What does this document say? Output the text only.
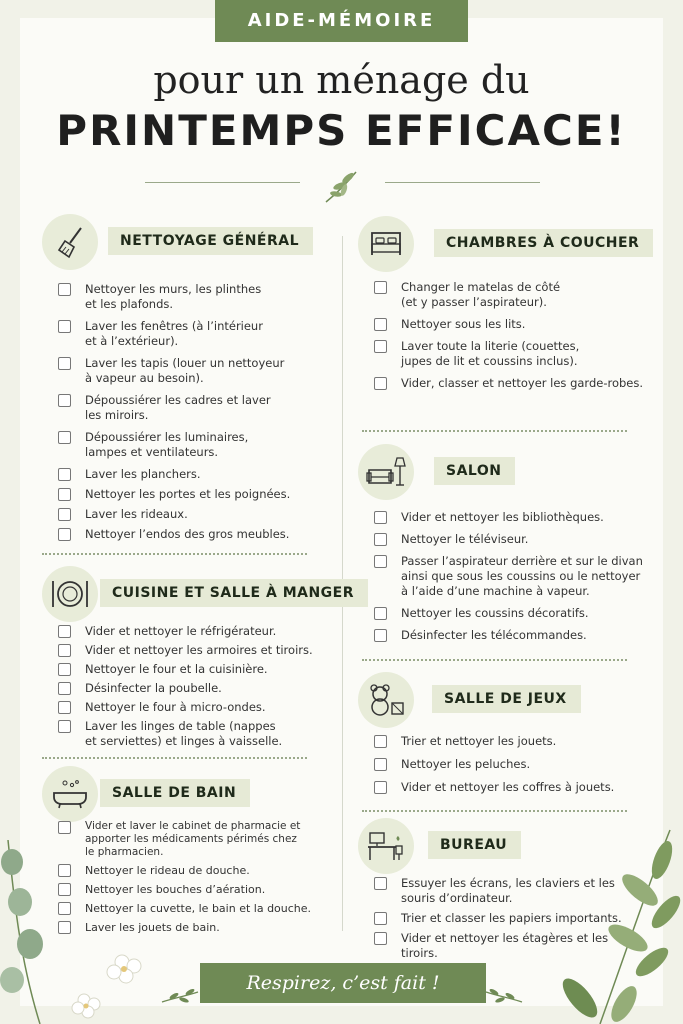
AIDE-MÉMOIRE
pour un ménage du
PRINTEMPS EFFICACE!
NETTOYAGE GÉNÉRAL
Nettoyer les murs, les plinthes
et les plafonds.
Laver les fenêtres (à l’intérieur
et à l’extérieur).
Laver les tapis (louer un nettoyeur
à vapeur au besoin).
Dépoussiérer les cadres et laver
les miroirs.
Dépoussiérer les luminaires,
lampes et ventilateurs.
Laver les planchers.
Nettoyer les portes et les poignées.
Laver les rideaux.
Nettoyer l’endos des gros meubles.
CUISINE ET SALLE À MANGER
Vider et nettoyer le réfrigérateur.
Vider et nettoyer les armoires et tiroirs.
Nettoyer le four et la cuisinière.
Désinfecter la poubelle.
Nettoyer le four à micro-ondes.
Laver les linges de table (nappes
et serviettes) et linges à vaisselle.
SALLE DE BAIN
Vider et laver le cabinet de pharmacie et
apporter les médicaments périmés chez
le pharmacien.
Nettoyer le rideau de douche.
Nettoyer les bouches d’aération.
Nettoyer la cuvette, le bain et la douche.
Laver les jouets de bain.
CHAMBRES À COUCHER
Changer le matelas de côté
(et y passer l’aspirateur).
Nettoyer sous les lits.
Laver toute la literie (couettes,
jupes de lit et coussins inclus).
Vider, classer et nettoyer les garde-robes.
SALON
Vider et nettoyer les bibliothèques.
Nettoyer le téléviseur.
Passer l’aspirateur derrière et sur le divan
ainsi que sous les coussins ou le nettoyer
à l’aide d’une machine à vapeur.
Nettoyer les coussins décoratifs.
Désinfecter les télécommandes.
SALLE DE JEUX
Trier et nettoyer les jouets.
Nettoyer les peluches.
Vider et nettoyer les coffres à jouets.
BUREAU
Essuyer les écrans, les claviers et les
souris d’ordinateur.
Trier et classer les papiers importants.
Vider et nettoyer les étagères et les tiroirs.
Respirez, c’est fait !
